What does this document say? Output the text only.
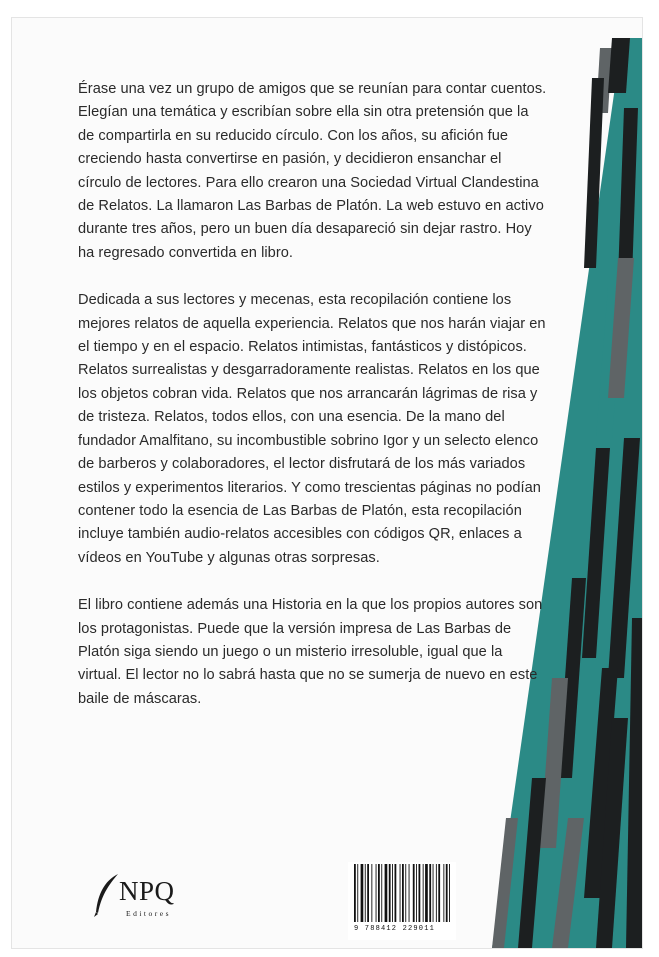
Érase una vez un grupo de amigos que se reunían para contar cuentos. Elegían una temática y escribían sobre ella sin otra pretensión que la de compartirla en su reducido círculo. Con los años, su afición fue creciendo hasta convertirse en pasión, y decidieron ensanchar el círculo de lectores. Para ello crearon una Sociedad Virtual Clandestina de Relatos. La llamaron Las Barbas de Platón. La web estuvo en activo durante tres años, pero un buen día desapareció sin dejar rastro. Hoy ha regresado convertida en libro.

Dedicada a sus lectores y mecenas, esta recopilación contiene los mejores relatos de aquella experiencia. Relatos que nos harán viajar en el tiempo y en el espacio. Relatos intimistas, fantásticos y distópicos. Relatos surrealistas y desgarradoramente realistas. Relatos en los que los objetos cobran vida. Relatos que nos arrancarán lágrimas de risa y de tristeza. Relatos, todos ellos, con una esencia. De la mano del fundador Amalfitano, su incombustible sobrino Igor y un selecto elenco de barberos y colaboradores, el lector disfrutará de los más variados estilos y experimentos literarios. Y como trescientas páginas no podían contener todo la esencia de Las Barbas de Platón, esta recopilación incluye también audio-relatos accesibles con códigos QR, enlaces a vídeos en YouTube y algunas otras sorpresas.

El libro contiene además una Historia en la que los propios autores son los protagonistas. Puede que la versión impresa de Las Barbas de Platón siga siendo un juego o un misterio irresoluble, igual que la virtual. El lector no lo sabrá hasta que no se sumerja de nuevo en este baile de máscaras.

NPQ
Editores
9 788412 229011
